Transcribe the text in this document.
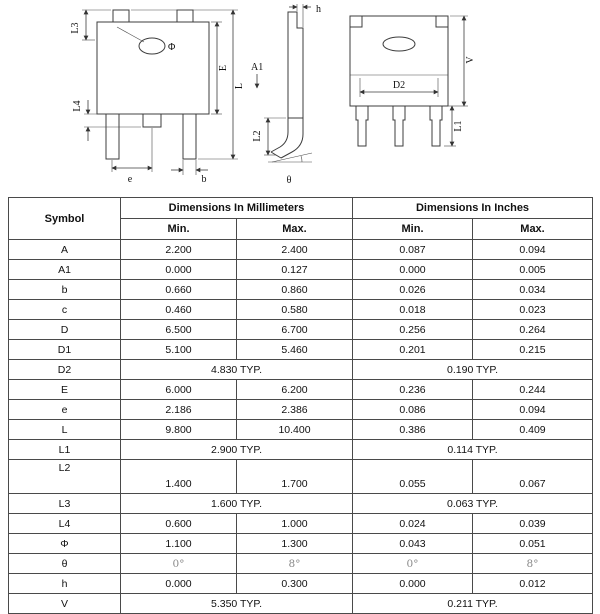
Φ
L3
L4
E
L
e	b
h
A1
L2
θ
D2
L1
V
Symbol	Dimensions In Millimeters		Dimensions In Inches	
	Min.	Max.	Min.	Max.
A	2.200	2.400	0.087	0.094
A1	0.000	0.127	0.000	0.005
b	0.660	0.860	0.026	0.034
c	0.460	0.580	0.018	0.023
D	6.500	6.700	0.256	0.264
D1	5.100	5.460	0.201	0.215
D2	4.830 TYP.		0.190 TYP.	
E	6.000	6.200	0.236	0.244
e	2.186	2.386	0.086	0.094
L	9.800	10.400	0.386	0.409
L1	2.900 TYP.		0.114 TYP.	
L2	1.400	1.700	0.055	0.067
L3	1.600 TYP.		0.063 TYP.	
L4	0.600	1.000	0.024	0.039
Φ	1.100	1.300	0.043	0.051
θ	0°	8°	0°	8°
h	0.000	0.300	0.000	0.012
V	5.350 TYP.		0.211 TYP.	
